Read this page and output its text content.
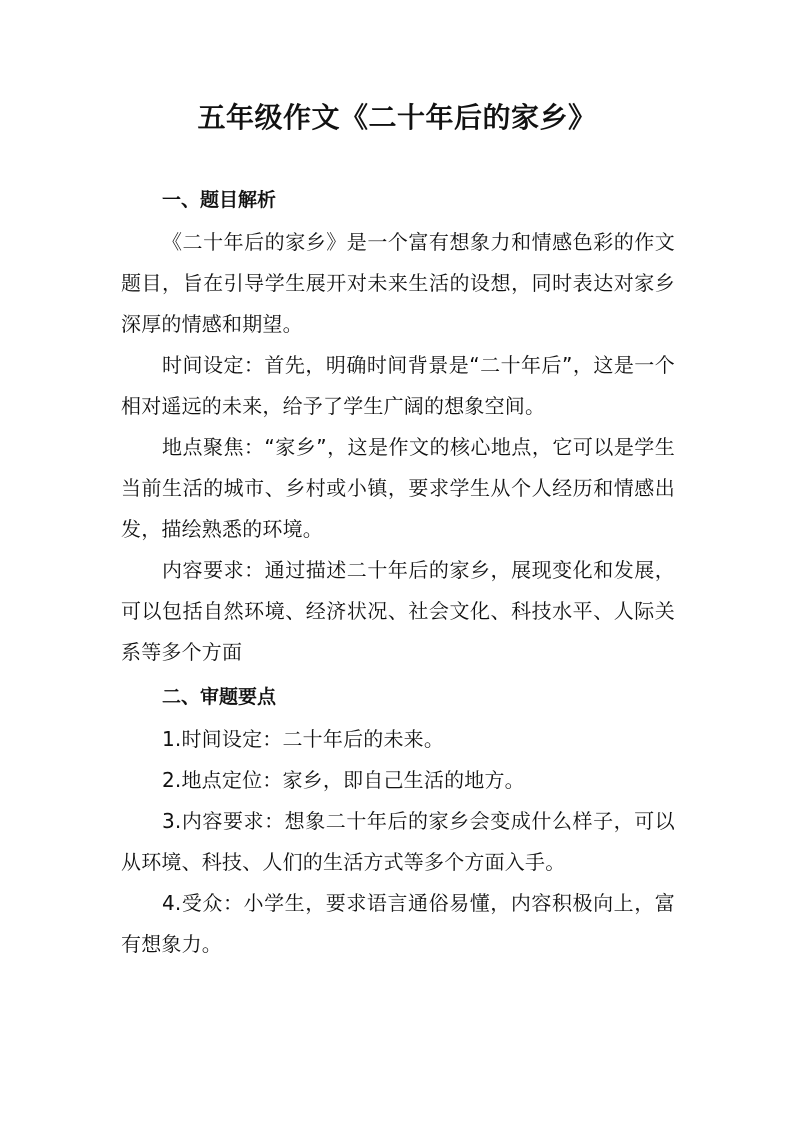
五年级作文《二十年后的家乡》
一、题目解析

《二十年后的家乡》是一个富有想象力和情感色彩的作文题目，旨在引导学生展开对未来生活的设想，同时表达对家乡深厚的情感和期望。

时间设定：首先，明确时间背景是“二十年后”，这是一个相对遥远的未来，给予了学生广阔的想象空间。

地点聚焦：“家乡”，这是作文的核心地点，它可以是学生当前生活的城市、乡村或小镇，要求学生从个人经历和情感出发，描绘熟悉的环境。

内容要求：通过描述二十年后的家乡，展现变化和发展，可以包括自然环境、经济状况、社会文化、科技水平、人际关系等多个方面

二、审题要点

1.时间设定：二十年后的未来。

2.地点定位：家乡，即自己生活的地方。

3.内容要求：想象二十年后的家乡会变成什么样子，可以从环境、科技、人们的生活方式等多个方面入手。

4.受众：小学生，要求语言通俗易懂，内容积极向上，富有想象力。
